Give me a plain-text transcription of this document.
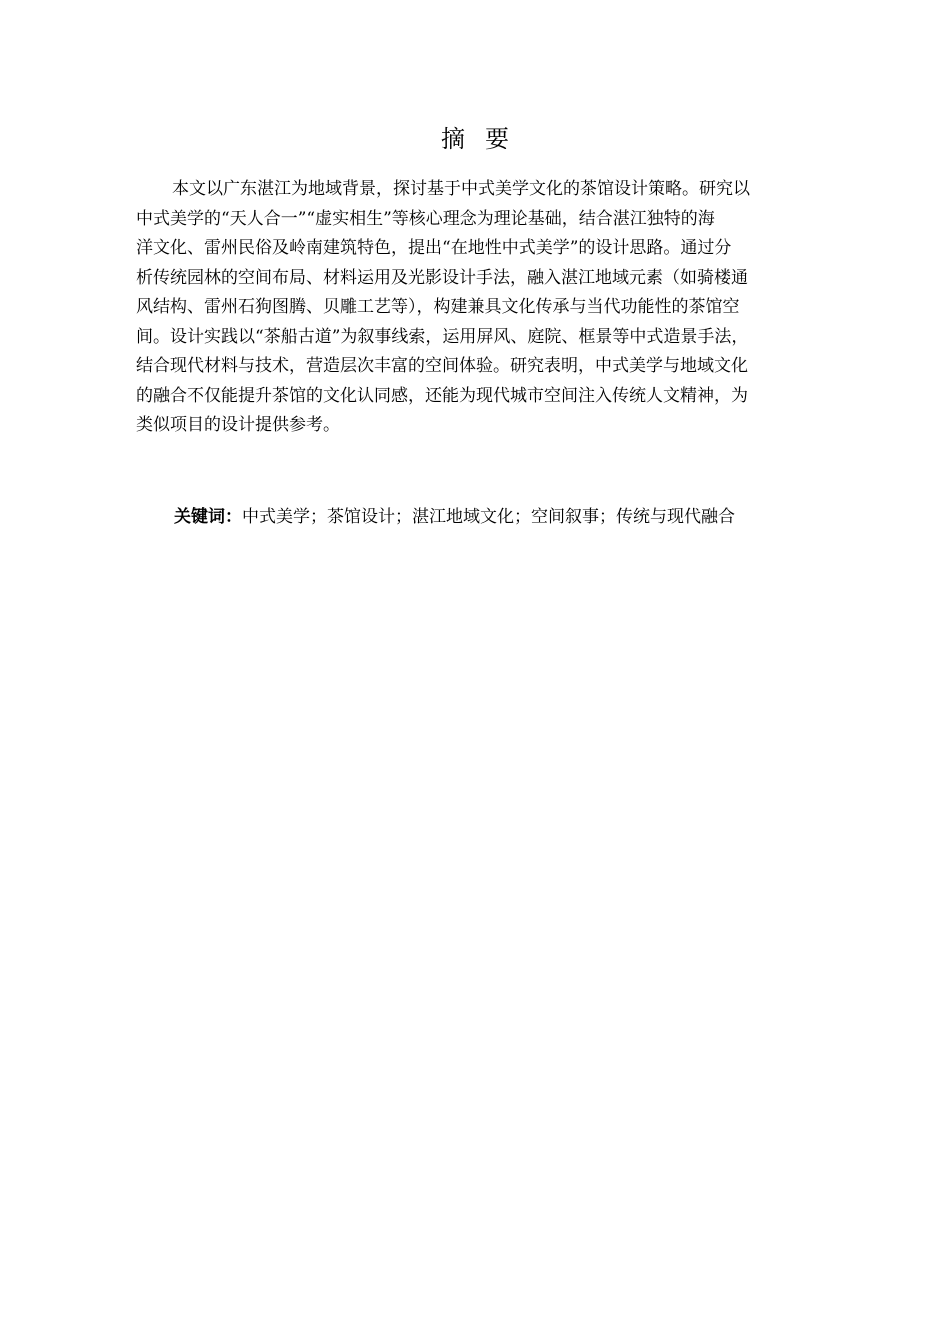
摘 要
本文以广东湛江为地域背景，探讨基于中式美学文化的茶馆设计策略。研究以
中式美学的“天人合一”“虚实相生”等核心理念为理论基础，结合湛江独特的海
洋文化、雷州民俗及岭南建筑特色，提出“在地性中式美学”的设计思路。通过分
析传统园林的空间布局、材料运用及光影设计手法，融入湛江地域元素（如骑楼通
风结构、雷州石狗图腾、贝雕工艺等），构建兼具文化传承与当代功能性的茶馆空
间。设计实践以“茶船古道”为叙事线索，运用屏风、庭院、框景等中式造景手法，
结合现代材料与技术，营造层次丰富的空间体验。研究表明，中式美学与地域文化
的融合不仅能提升茶馆的文化认同感，还能为现代城市空间注入传统人文精神，为
类似项目的设计提供参考。
关键词：中式美学；茶馆设计；湛江地域文化；空间叙事；传统与现代融合
